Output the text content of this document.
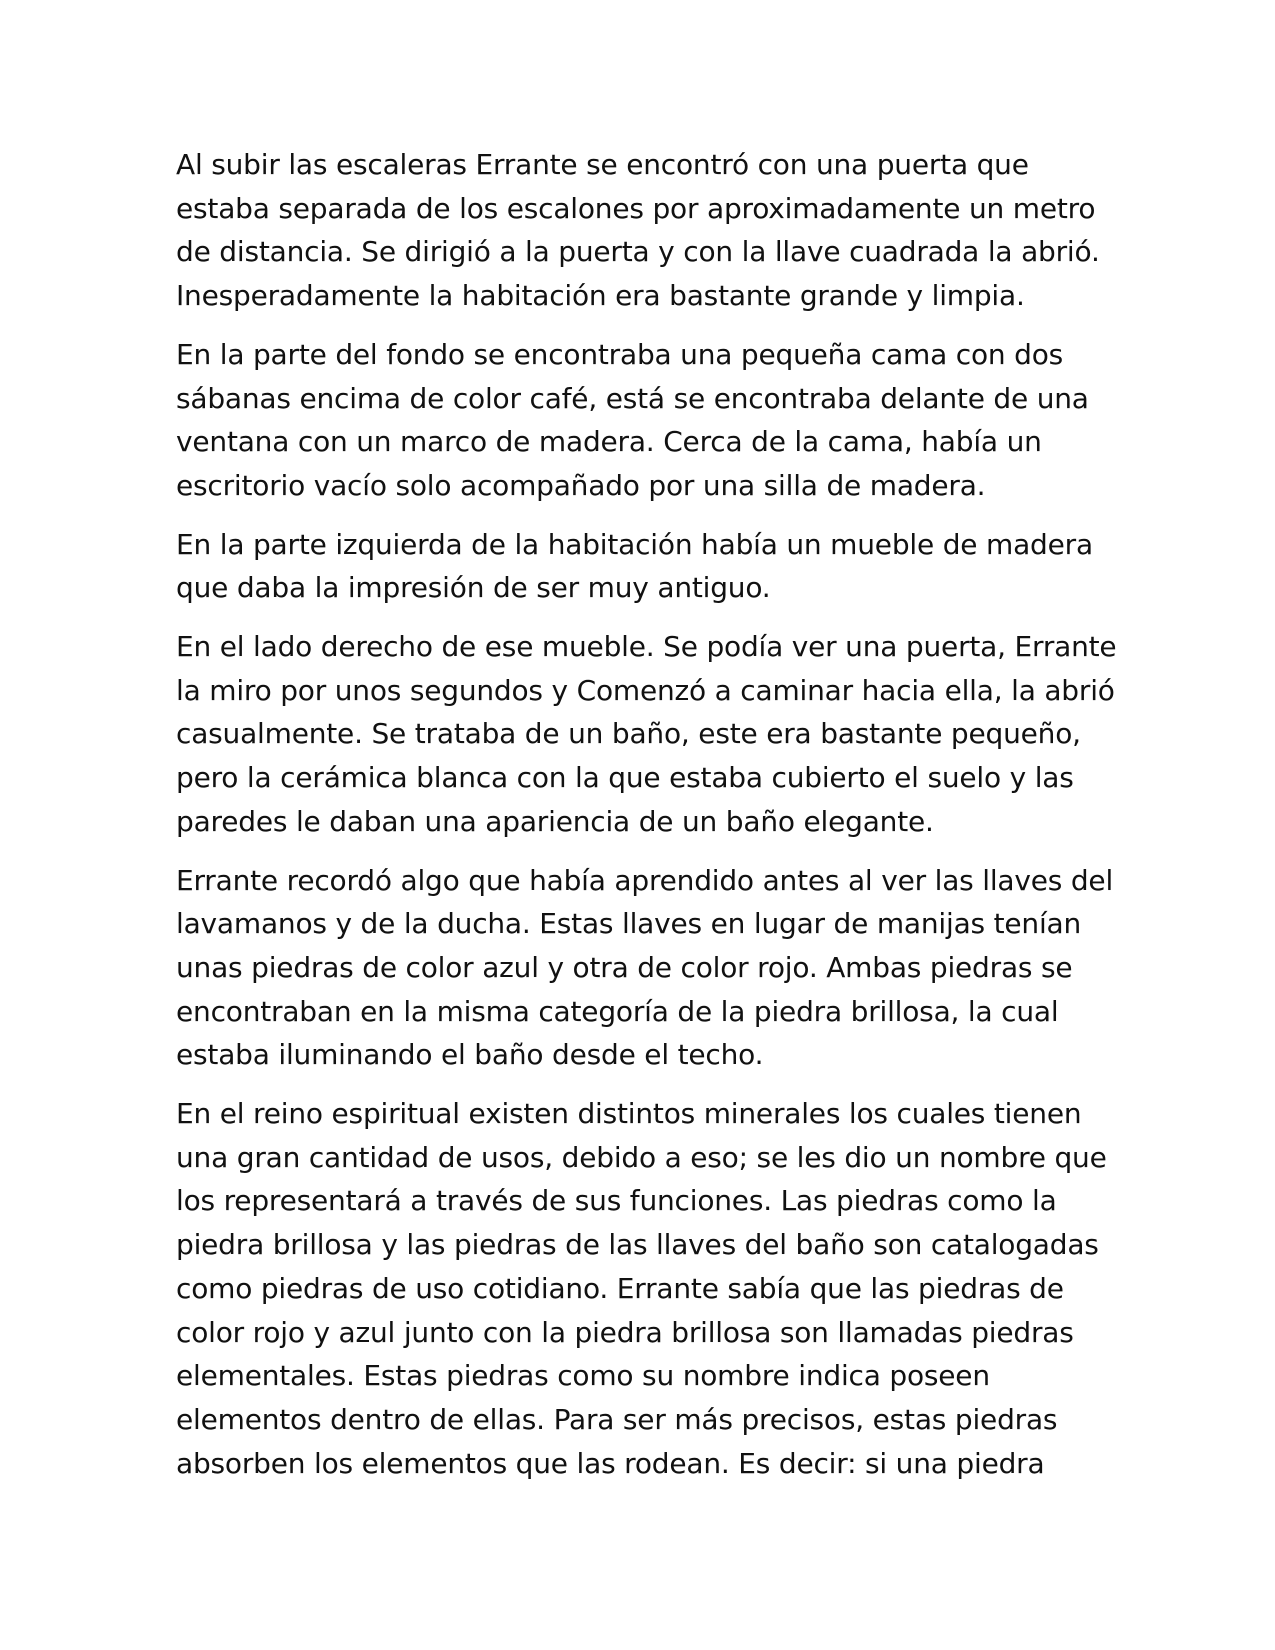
Al subir las escaleras Errante se encontró con una puerta que
estaba separada de los escalones por aproximadamente un metro
de distancia. Se dirigió a la puerta y con la llave cuadrada la abrió.
Inesperadamente la habitación era bastante grande y limpia.

En la parte del fondo se encontraba una pequeña cama con dos
sábanas encima de color café, está se encontraba delante de una
ventana con un marco de madera. Cerca de la cama, había un
escritorio vacío solo acompañado por una silla de madera.

En la parte izquierda de la habitación había un mueble de madera
que daba la impresión de ser muy antiguo.

En el lado derecho de ese mueble. Se podía ver una puerta, Errante
la miro por unos segundos y Comenzó a caminar hacia ella, la abrió
casualmente. Se trataba de un baño, este era bastante pequeño,
pero la cerámica blanca con la que estaba cubierto el suelo y las
paredes le daban una apariencia de un baño elegante.

Errante recordó algo que había aprendido antes al ver las llaves del
lavamanos y de la ducha. Estas llaves en lugar de manijas tenían
unas piedras de color azul y otra de color rojo. Ambas piedras se
encontraban en la misma categoría de la piedra brillosa, la cual
estaba iluminando el baño desde el techo.

En el reino espiritual existen distintos minerales los cuales tienen
una gran cantidad de usos, debido a eso; se les dio un nombre que
los representará a través de sus funciones. Las piedras como la
piedra brillosa y las piedras de las llaves del baño son catalogadas
como piedras de uso cotidiano. Errante sabía que las piedras de
color rojo y azul junto con la piedra brillosa son llamadas piedras
elementales. Estas piedras como su nombre indica poseen
elementos dentro de ellas. Para ser más precisos, estas piedras
absorben los elementos que las rodean. Es decir: si una piedra
